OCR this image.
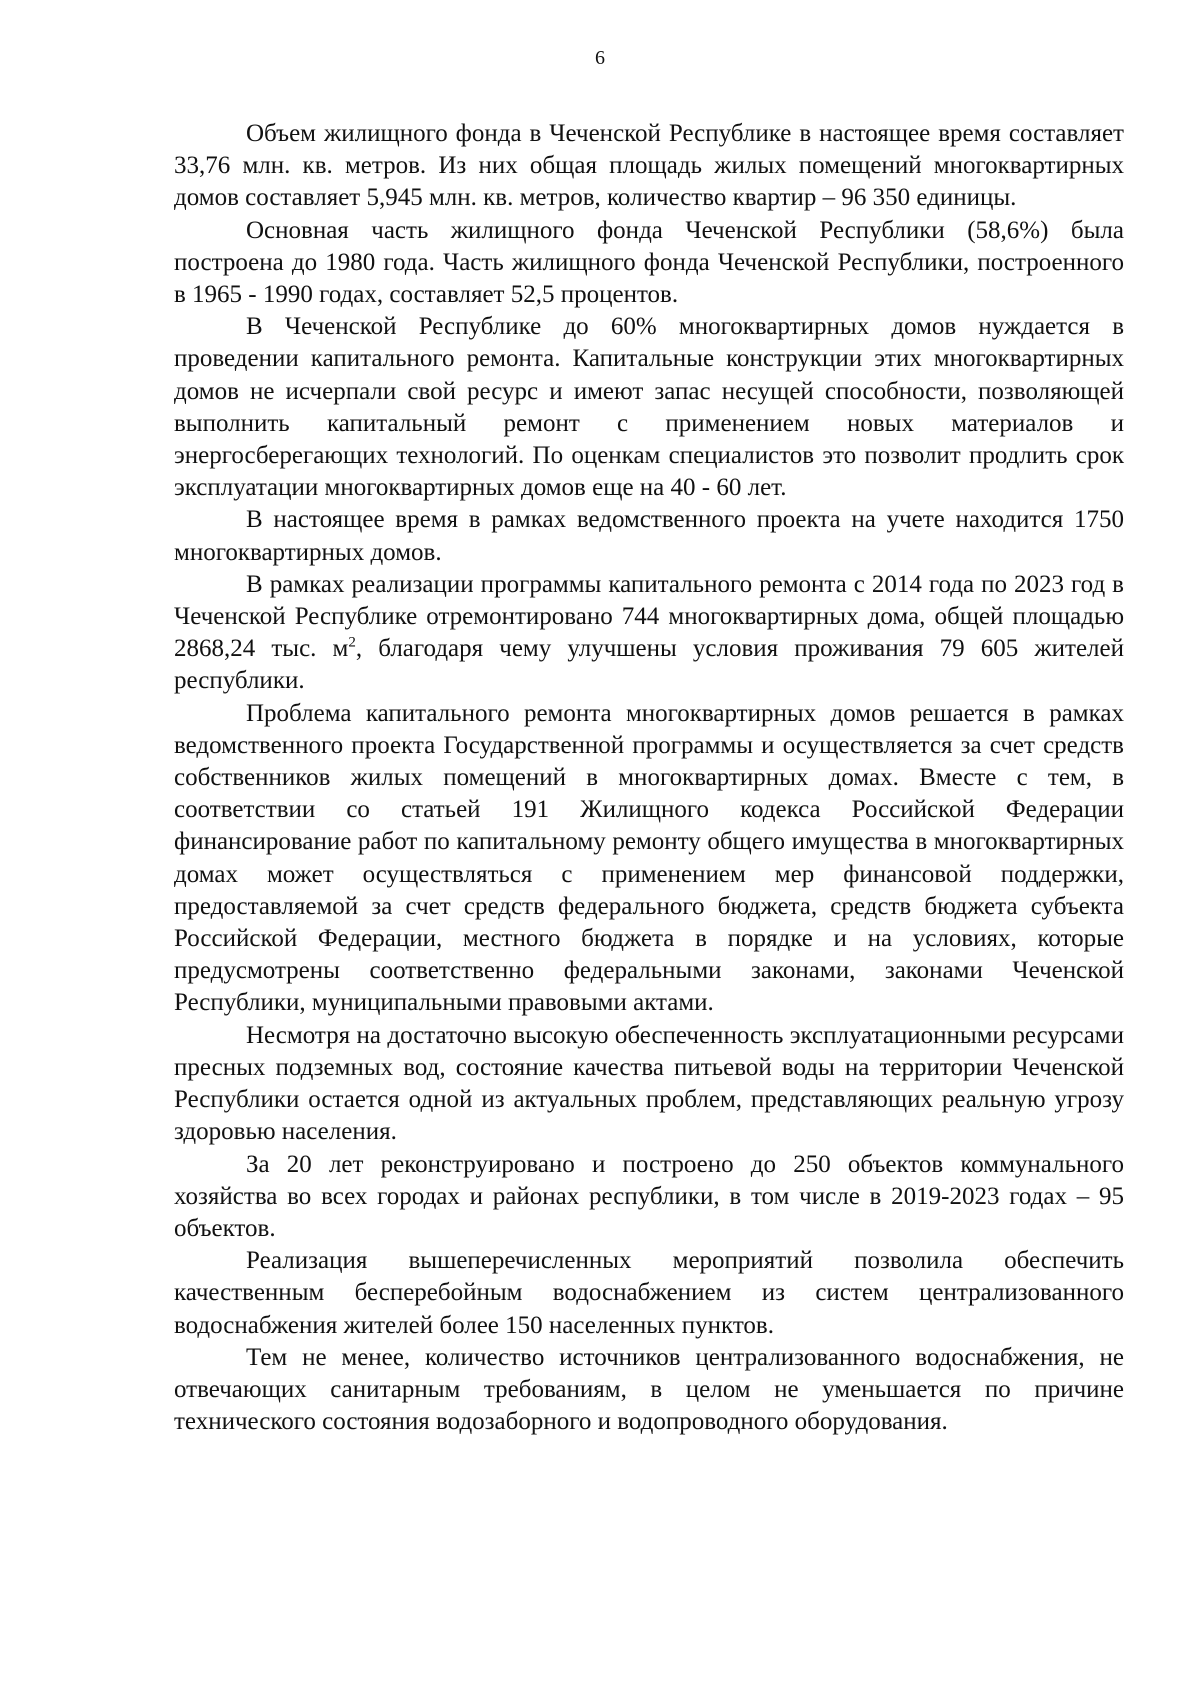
6

Объем жилищного фонда в Чеченской Республике в настоящее время составляет 33,76 млн. кв. метров. Из них общая площадь жилых помещений многоквартирных домов составляет 5,945 млн. кв. метров, количество квартир – 96 350 единицы.

Основная часть жилищного фонда Чеченской Республики (58,6%) была построена до 1980 года. Часть жилищного фонда Чеченской Республики, построенного в 1965 - 1990 годах, составляет 52,5 процентов.

В Чеченской Республике до 60% многоквартирных домов нуждается в проведении капитального ремонта. Капитальные конструкции этих многоквартирных домов не исчерпали свой ресурс и имеют запас несущей способности, позволяющей выполнить капитальный ремонт с применением новых материалов и энергосберегающих технологий. По оценкам специалистов это позволит продлить срок эксплуатации многоквартирных домов еще на 40 - 60 лет.

В настоящее время в рамках ведомственного проекта на учете находится 1750 многоквартирных домов.

В рамках реализации программы капитального ремонта с 2014 года по 2023 год в Чеченской Республике отремонтировано 744 многоквартирных дома, общей площадью 2868,24 тыс. $м^2$, благодаря чему улучшены условия проживания 79 605 жителей республики.

Проблема капитального ремонта многоквартирных домов решается в рамках ведомственного проекта Государственной программы и осуществляется за счет средств собственников жилых помещений в многоквартирных домах. Вместе с тем, в соответствии со статьей 191 Жилищного кодекса Российской Федерации финансирование работ по капитальному ремонту общего имущества в многоквартирных домах может осуществляться с применением мер финансовой поддержки, предоставляемой за счет средств федерального бюджета, средств бюджета субъекта Российской Федерации, местного бюджета в порядке и на условиях, которые предусмотрены соответственно федеральными законами, законами Чеченской Республики, муниципальными правовыми актами.

Несмотря на достаточно высокую обеспеченность эксплуатационными ресурсами пресных подземных вод, состояние качества питьевой воды на территории Чеченской Республики остается одной из актуальных проблем, представляющих реальную угрозу здоровью населения.

За 20 лет реконструировано и построено до 250 объектов коммунального хозяйства во всех городах и районах республики, в том числе в 2019-2023 годах – 95 объектов.

Реализация вышеперечисленных мероприятий позволила обеспечить качественным бесперебойным водоснабжением из систем централизованного водоснабжения жителей более 150 населенных пунктов.

Тем не менее, количество источников централизованного водоснабжения, не отвечающих санитарным требованиям, в целом не уменьшается по причине технического состояния водозаборного и водопроводного оборудования.
